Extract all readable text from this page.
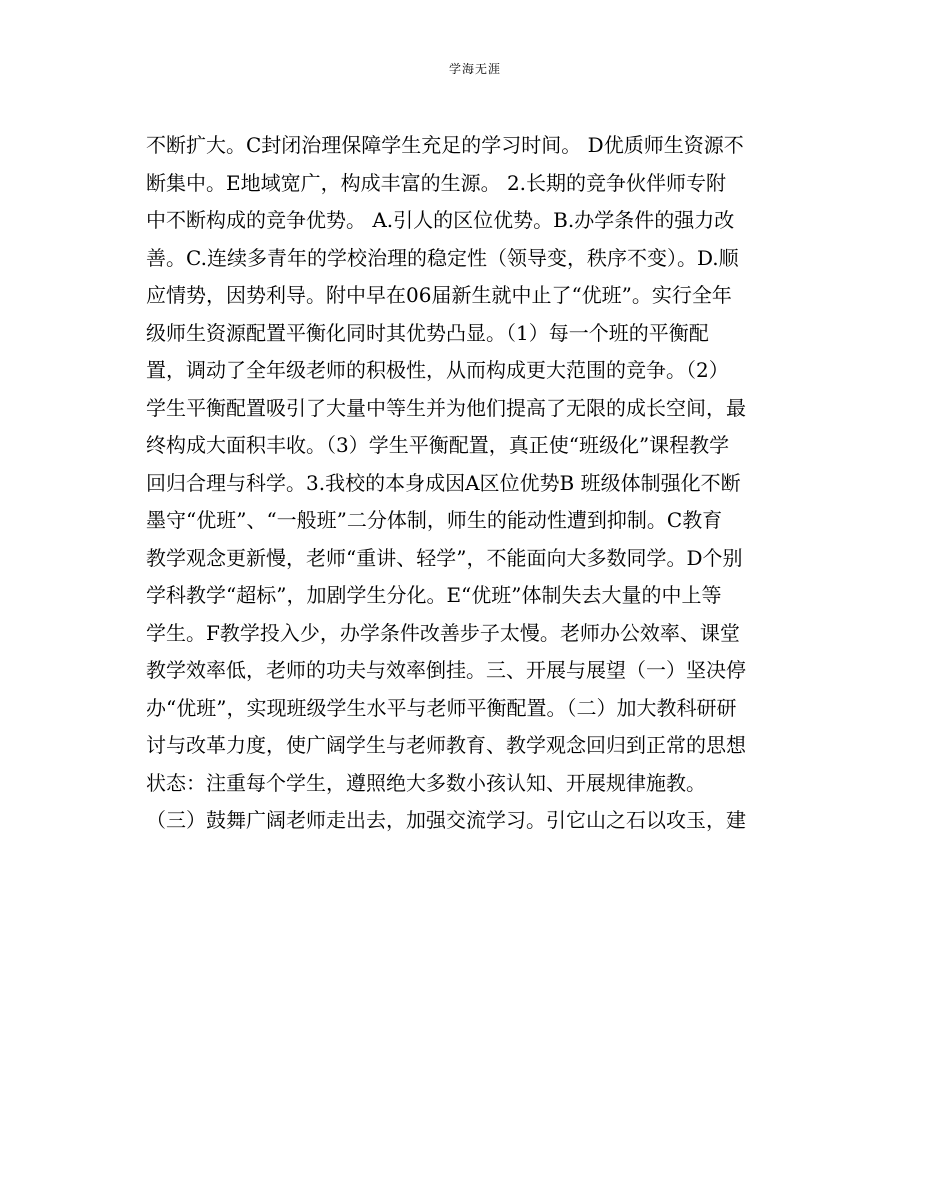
学海无涯
不断扩大。C封闭治理保障学生充足的学习时间。 D优质师生资源不
断集中。E地域宽广，构成丰富的生源。 2.长期的竞争伙伴师专附
中不断构成的竞争优势。 A.引人的区位优势。B.办学条件的强力改
善。C.连续多青年的学校治理的稳定性（领导变，秩序不变）。D.顺
应情势，因势利导。附中早在06届新生就中止了“优班”。实行全年
级师生资源配置平衡化同时其优势凸显。（1）每一个班的平衡配
置，调动了全年级老师的积极性，从而构成更大范围的竞争。（2）
学生平衡配置吸引了大量中等生并为他们提高了无限的成长空间，最
终构成大面积丰收。（3）学生平衡配置，真正使“班级化”课程教学
回归合理与科学。3.我校的本身成因A区位优势B 班级体制强化不断
墨守“优班”、“一般班”二分体制，师生的能动性遭到抑制。C教育
教学观念更新慢，老师“重讲、轻学”，不能面向大多数同学。D个别
学科教学“超标”，加剧学生分化。E“优班”体制失去大量的中上等
学生。F教学投入少，办学条件改善步子太慢。老师办公效率、课堂
教学效率低，老师的功夫与效率倒挂。三、开展与展望（一）坚决停
办“优班”，实现班级学生水平与老师平衡配置。（二）加大教科研研
讨与改革力度，使广阔学生与老师教育、教学观念回归到正常的思想
状态：注重每个学生，遵照绝大多数小孩认知、开展规律施教。
（三）鼓舞广阔老师走出去，加强交流学习。引它山之石以攻玉，建
